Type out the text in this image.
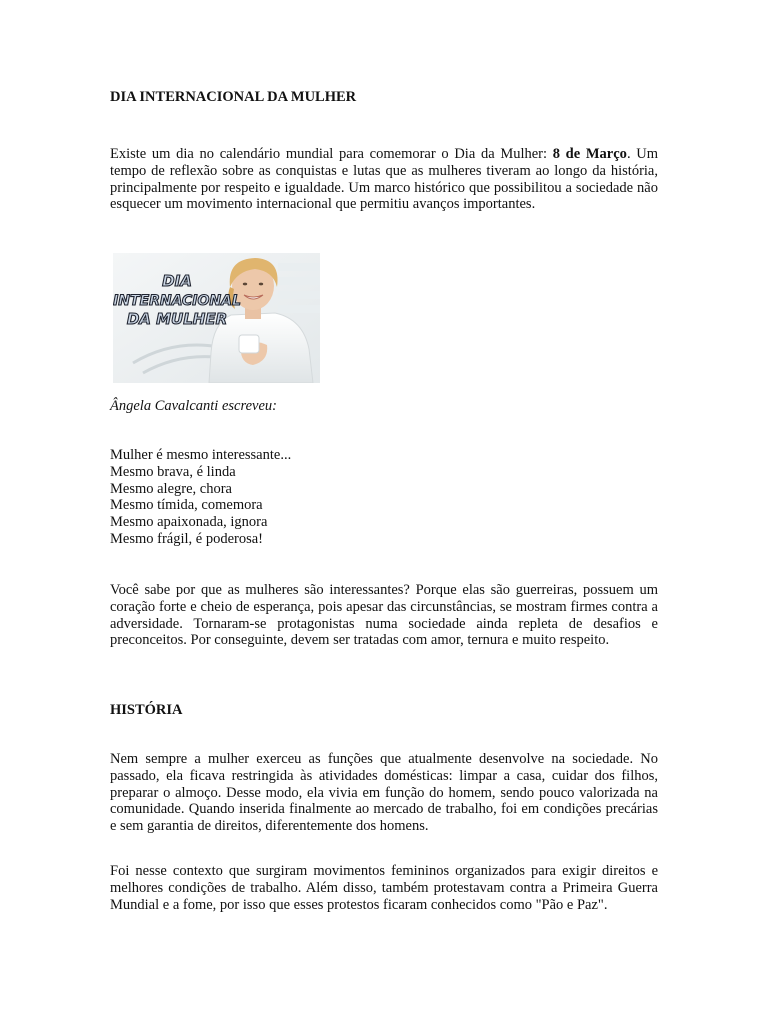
DIA INTERNACIONAL DA MULHER
Existe um dia no calendário mundial para comemorar o Dia da Mulher: 8 de Março. Um tempo de reflexão sobre as conquistas e lutas que as mulheres tiveram ao longo da história, principalmente por respeito e igualdade. Um marco histórico que possibilitou a sociedade não esquecer um movimento internacional que permitiu avanços importantes.
DIA
INTERNACIONAL
DA MULHER
Ângela Cavalcanti escreveu:
Mulher é mesmo interessante...
Mesmo brava, é linda
Mesmo alegre, chora
Mesmo tímida, comemora
Mesmo apaixonada, ignora
Mesmo frágil, é poderosa!
Você sabe por que as mulheres são interessantes? Porque elas são guerreiras, possuem um coração forte e cheio de esperança, pois apesar das circunstâncias, se mostram firmes contra a adversidade. Tornaram-se protagonistas numa sociedade ainda repleta de desafios e preconceitos. Por conseguinte, devem ser tratadas com amor, ternura e muito respeito.
HISTÓRIA
Nem sempre a mulher exerceu as funções que atualmente desenvolve na sociedade. No passado, ela ficava restringida às atividades domésticas: limpar a casa, cuidar dos filhos, preparar o almoço. Desse modo, ela vivia em função do homem, sendo pouco valorizada na comunidade. Quando inserida finalmente ao mercado de trabalho, foi em condições precárias e sem garantia de direitos, diferentemente dos homens.
Foi nesse contexto que surgiram movimentos femininos organizados para exigir direitos e melhores condições de trabalho. Além disso, também protestavam contra a Primeira Guerra Mundial e a fome, por isso que esses protestos ficaram conhecidos como "Pão e Paz".
